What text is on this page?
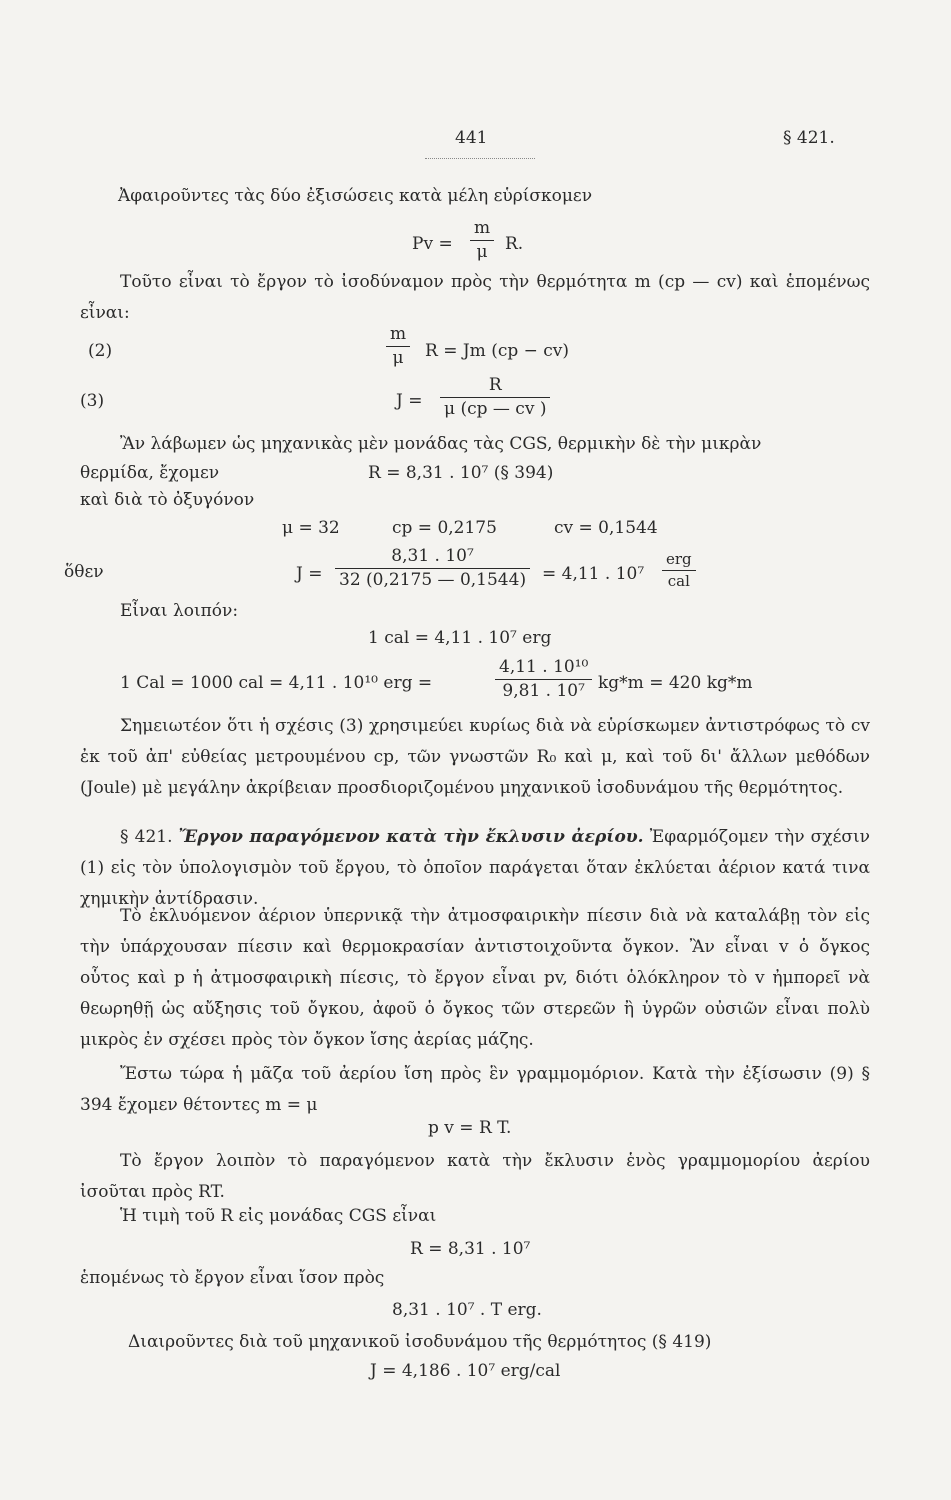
441	§ 421.
Ἀφαιροῦντες τὰς δύο ἐξισώσεις κατὰ μέλη εὑρίσκομεν
$Pv = \frac{m}{\mu} R$.
Τοῦτο εἶναι τὸ ἔργον τὸ ἰσοδύναμον πρὸς τὴν θερμότητα m (cp — cv) καὶ ἑπομένως εἶναι:
(2)	$\frac{m}{\mu}$ R = Jm (cp − cv)
(3)	$J = \frac{R}{\mu (cp — cv )}$
Ἂν λάβωμεν ὡς μηχανικὰς μὲν μονάδας τὰς CGS, θερμικὴν δὲ τὴν μικρὰν
θερμίδα, ἔχομεν	R = 8,31 . 10⁷ (§ 394)
καὶ διὰ τὸ ὀξυγόνον
μ = 32	cp = 0,2175	cv = 0,1544
ὅθεν	$J = \frac{\text{8,31 . 10⁷}}{32 (0,2175 — 0,1544)} = 4,11$ . 10⁷
erg
cal
Εἶναι λοιπόν:
1 cal = 4,11 . 10⁷ erg
1 Cal = 1000 cal = 4,11 . 10¹⁰ erg =	$\frac{\text{4,11 . 10¹⁰}}{\text{9,81 . 10⁷}} kg*m = 420$ kg*m
Σημειωτέον ὅτι ἡ σχέσις (3) χρησιμεύει κυρίως διὰ νὰ εὑρίσκωμεν ἀντιστρόφως τὸ cv ἐκ τοῦ ἀπ' εὐθείας μετρουμένου cp, τῶν γνωστῶν R₀ καὶ μ, καὶ τοῦ δι' ἄλλων μεθόδων (Joule) μὲ μεγάλην ἀκρίβειαν προσδιοριζομένου μηχανικοῦ ἰσοδυνάμου τῆς θερμότητος.
§ 421. Ἔργον παραγόμενον κατὰ τὴν ἔκλυσιν ἀερίου. Ἐφαρμόζομεν τὴν σχέσιν (1) εἰς τὸν ὑπολογισμὸν τοῦ ἔργου, τὸ ὁποῖον παράγεται ὅταν ἐκλύεται ἀέριον κατά τινα χημικὴν ἀντίδρασιν.
Τὸ ἐκλυόμενον ἀέριον ὑπερνικᾷ τὴν ἀτμοσφαιρικὴν πίεσιν διὰ νὰ καταλάβῃ τὸν εἰς τὴν ὑπάρχουσαν πίεσιν καὶ θερμοκρασίαν ἀντιστοιχοῦντα ὄγκον. Ἂν εἶναι v ὁ ὄγκος οὗτος καὶ p ἡ ἀτμοσφαιρικὴ πίεσις, τὸ ἔργον εἶναι pv, διότι ὁλόκληρον τὸ v ἠμπορεῖ νὰ θεωρηθῇ ὡς αὔξησις τοῦ ὄγκου, ἀφοῦ ὁ ὄγκος τῶν στερεῶν ἢ ὑγρῶν οὐσιῶν εἶναι πολὺ μικρὸς ἐν σχέσει πρὸς τὸν ὄγκον ἴσης ἀερίας μάζης.
Ἔστω τώρα ἡ μᾶζα τοῦ ἀερίου ἴση πρὸς ἓν γραμμομόριον. Κατὰ τὴν ἐξίσωσιν (9) § 394 ἔχομεν θέτοντες m = μ
p v = R T.
Τὸ ἔργον λοιπὸν τὸ παραγόμενον κατὰ τὴν ἔκλυσιν ἑνὸς γραμμομορίου ἀερίου ἰσοῦται πρὸς RT.
Ἡ τιμὴ τοῦ R εἰς μονάδας CGS εἶναι
R = 8,31 . 10⁷
ἑπομένως τὸ ἔργον εἶναι ἴσον πρὸς
8,31 . 10⁷ . T erg.
Διαιροῦντες διὰ τοῦ μηχανικοῦ ἰσοδυνάμου τῆς θερμότητος (§ 419)
J = 4,186 . 10⁷ erg/cal
